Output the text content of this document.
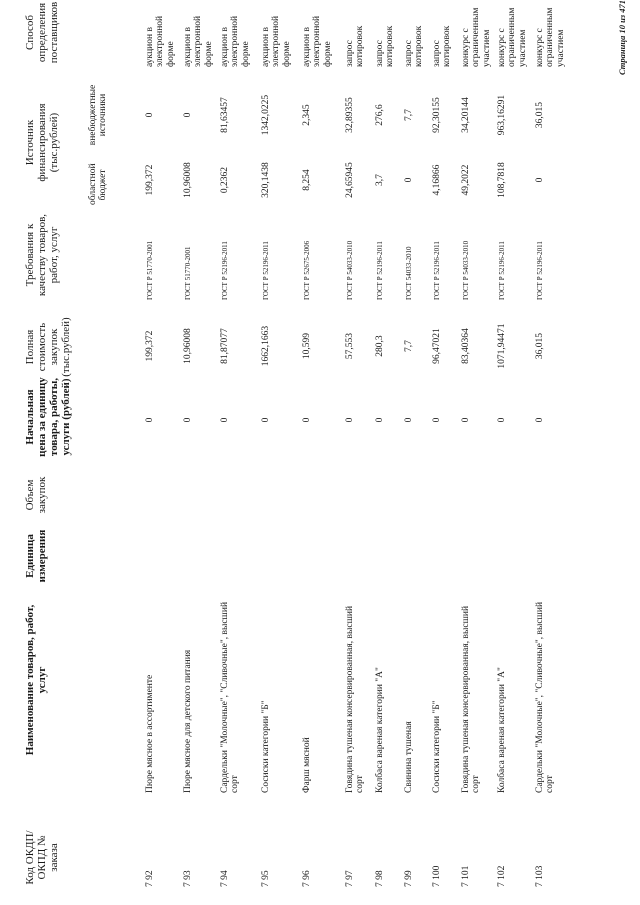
Код ОКДП/ ОКПД № заказа
Наименование товаров, работ, услуг
Единица измерения
Объем закупок
Начальная цена за единицу товара, работы, услуги (рублей)
Полная стоимость закупок (тыс.рублей)
Требования к качеству товаров, работ, услуг
Источник финансирования (тыс.рублей)
областной бюджет
внебюджетные источники
Способ определения поставщиков
7 92
Пюре мясное в ассортименте
0
199,372
ГОСТ Р 51770-2001
199,372
0
аукцион в электронной форме
7 93
Пюре мясное для детского питания
0
10,96008
ГОСТ 51770-2001
10,96008
0
аукцион в электронной форме
7 94
Сардельки "Молочные", "Сливочные", высший сорт
0
81,87077
ГОСТ Р 52196-2011
0,2362
81,63457
аукцион в электронной форме
7 95
Сосиски категории "Б"
0
1662,1663
ГОСТ Р 52196-2011
320,1438
1342,0225
аукцион в электронной форме
7 96
Фарш мясной
0
10,599
ГОСТ Р 52675-2006
8,254
2,345
аукцион в электронной форме
7 97
Говядина тушеная консервированная, высший сорт
0
57,553
ГОСТ Р 54033-2010
24,65945
32,89355
запрос котировок
7 98
Колбаса вареная категории "А"
0
280,3
ГОСТ Р 52196-2011
3,7
276,6
запрос котировок
7 99
Свинина тушеная
0
7,7
ГОСТ 54033-2010
0
7,7
запрос котировок
7 100
Сосиски категории "Б"
0
96,47021
ГОСТ Р 52196-2011
4,16866
92,30155
запрос котировок
7 101
Говядина тушеная консервированная, высший сорт
0
83,40364
ГОСТ Р 54033-2010
49,2022
34,20144
конкурс с ограниченным участием
7 102
Колбаса вареная категории "А"
0
1071,94471
ГОСТ Р 52196-2011
108,7818
963,16291
конкурс с ограниченным участием
7 103
Сардельки "Молочные", "Сливочные", высший сорт
0
36,015
ГОСТ Р 52196-2011
0
36,015
конкурс с ограниченным участием	Страница 10 из 471
